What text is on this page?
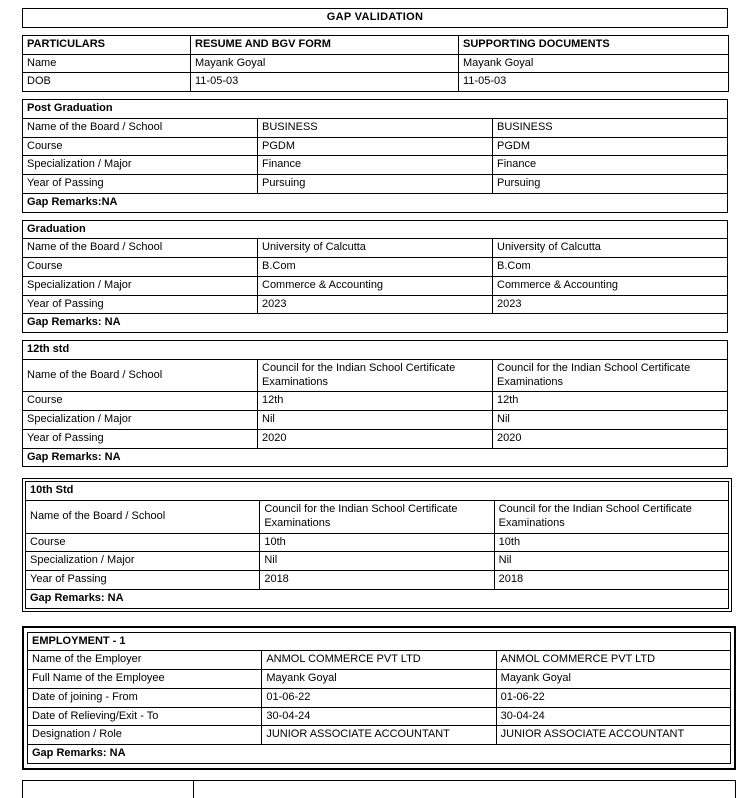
GAP VALIDATION
PARTICULARS	RESUME AND BGV FORM	SUPPORTING DOCUMENTS
Name	Mayank Goyal	Mayank Goyal
DOB	11-05-03	11-05-03
Post Graduation		
Name of the Board / School	BUSINESS	BUSINESS
Course	PGDM	PGDM
Specialization / Major	Finance	Finance
Year of Passing	Pursuing	Pursuing
Gap Remarks:NA		
Graduation		
Name of the Board / School	University of Calcutta	University of Calcutta
Course	B.Com	B.Com
Specialization / Major	Commerce & Accounting	Commerce & Accounting
Year of Passing	2023	2023
Gap Remarks: NA		
12th std		
Name of the Board / School	Council for the Indian School Certificate Examinations	Council for the Indian School Certificate Examinations
Course	12th	12th
Specialization / Major	Nil	Nil
Year of Passing	2020	2020
Gap Remarks: NA		
10th Std		
Name of the Board / School	Council for the Indian School Certificate Examinations	Council for the Indian School Certificate Examinations
Course	10th	10th
Specialization / Major	Nil	Nil
Year of Passing	2018	2018
Gap Remarks: NA		
EMPLOYMENT - 1		
Name of the Employer	ANMOL COMMERCE PVT LTD	ANMOL COMMERCE PVT LTD
Full Name of the Employee	Mayank Goyal	Mayank Goyal
Date of joining - From	01-06-22	01-06-22
Date of Relieving/Exit - To	30-04-24	30-04-24
Designation / Role	JUNIOR ASSOCIATE ACCOUNTANT	JUNIOR ASSOCIATE ACCOUNTANT
Gap Remarks: NA		
